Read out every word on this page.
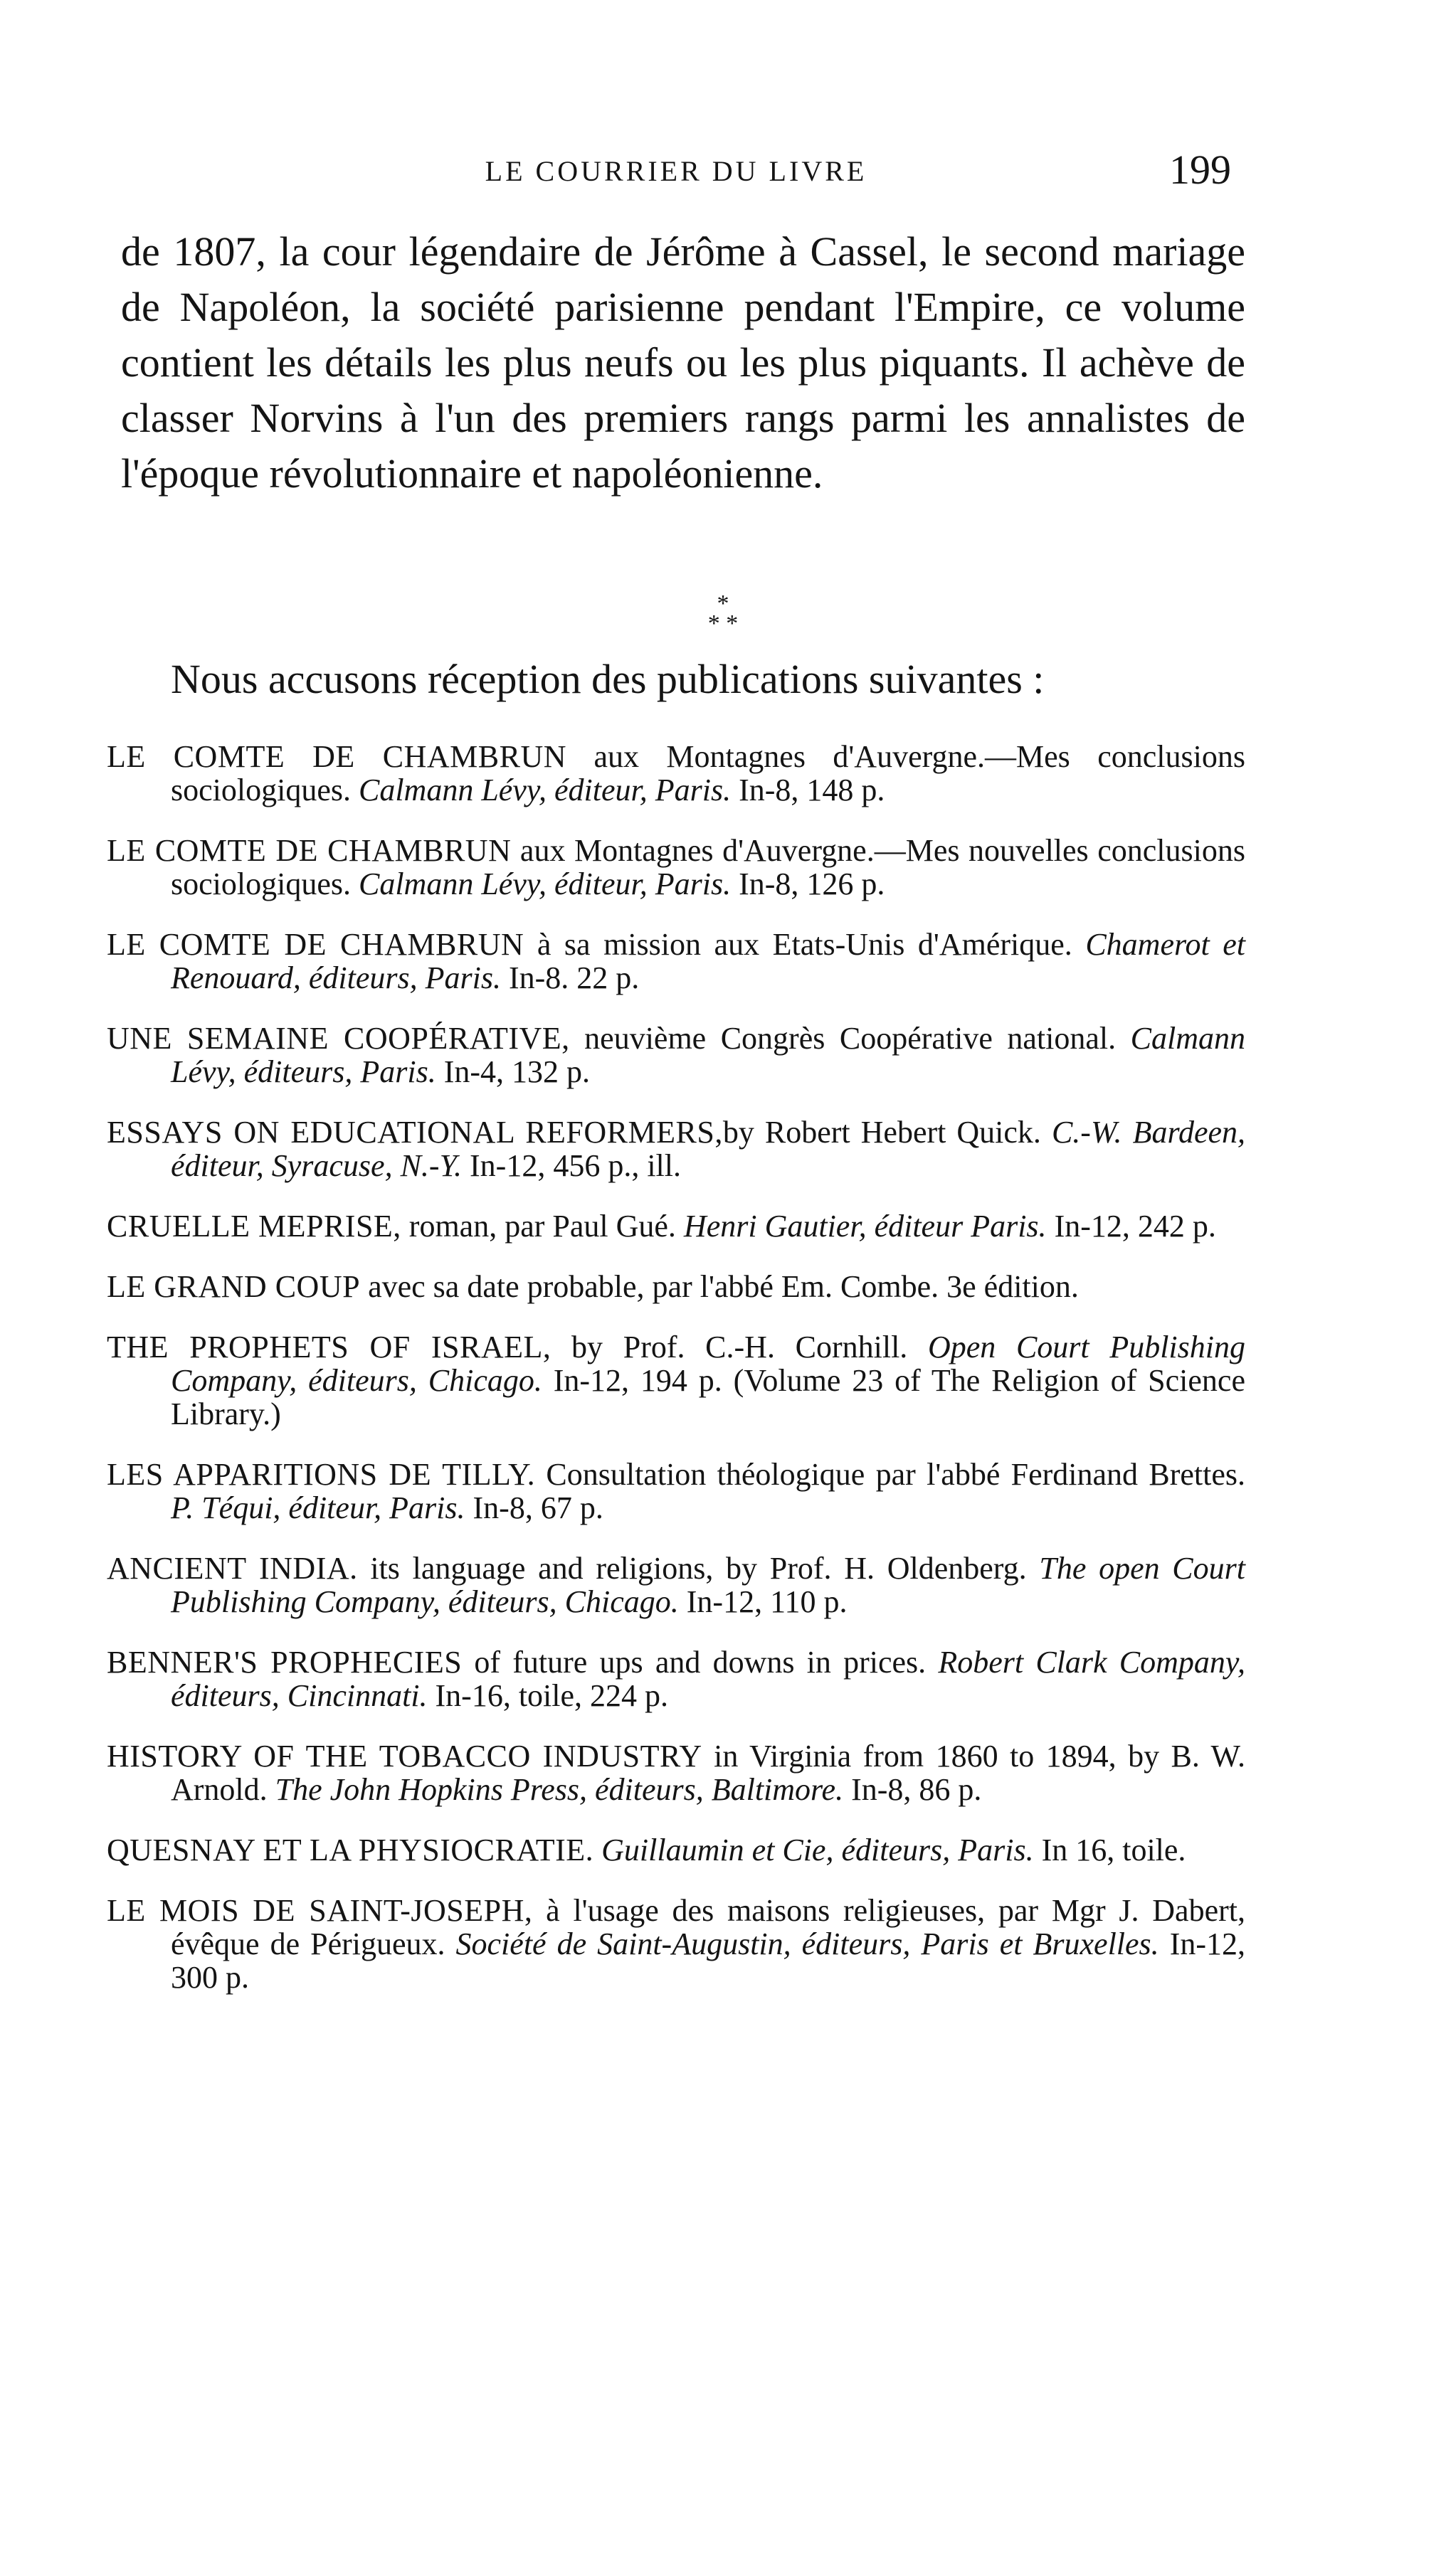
LE COURRIER DU LIVRE	199

de 1807, la cour légendaire de Jérôme à Cassel, le second mariage de Napoléon, la société parisienne pendant l'Empire, ce volume contient les détails les plus neufs ou les plus piquants. Il achève de classer Norvins à l'un des premiers rangs parmi les annalistes de l'époque révolutionnaire et napoléonienne.

*
* *

Nous accusons réception des publications suivantes :

LE COMTE DE CHAMBRUN aux Montagnes d'Auvergne.—Mes conclusions sociologiques. Calmann Lévy, éditeur, Paris. In-8, 148 p.
LE COMTE DE CHAMBRUN aux Montagnes d'Auvergne.—Mes nouvelles conclusions sociologiques. Calmann Lévy, éditeur, Paris. In-8, 126 p.
LE COMTE DE CHAMBRUN à sa mission aux Etats-Unis d'Amérique. Chamerot et Renouard, éditeurs, Paris. In-8. 22 p.
UNE SEMAINE COOPÉRATIVE, neuvième Congrès Coopérative national. Calmann Lévy, éditeurs, Paris. In-4, 132 p.
ESSAYS ON EDUCATIONAL REFORMERS,by Robert Hebert Quick. C.-W. Bardeen, éditeur, Syracuse, N.-Y. In-12, 456 p., ill.
CRUELLE MEPRISE, roman, par Paul Gué. Henri Gautier, éditeur Paris. In-12, 242 p.
LE GRAND COUP avec sa date probable, par l'abbé Em. Combe. 3e édition.
THE PROPHETS OF ISRAEL, by Prof. C.-H. Cornhill. Open Court Publishing Company, éditeurs, Chicago. In-12, 194 p. (Volume 23 of The Religion of Science Library.)
LES APPARITIONS DE TILLY. Consultation théologique par l'abbé Ferdinand Brettes. P. Téqui, éditeur, Paris. In-8, 67 p.
ANCIENT INDIA. its language and religions, by Prof. H. Oldenberg. The open Court Publishing Company, éditeurs, Chicago. In-12, 110 p.
BENNER'S PROPHECIES of future ups and downs in prices. Robert Clark Company, éditeurs, Cincinnati. In-16, toile, 224 p.
HISTORY OF THE TOBACCO INDUSTRY in Virginia from 1860 to 1894, by B. W. Arnold. The John Hopkins Press, éditeurs, Baltimore. In-8, 86 p.
QUESNAY ET LA PHYSIOCRATIE. Guillaumin et Cie, éditeurs, Paris. In 16, toile.
LE MOIS DE SAINT-JOSEPH, à l'usage des maisons religieuses, par Mgr J. Dabert, évêque de Périgueux. Société de Saint-Augustin, éditeurs, Paris et Bruxelles. In-12, 300 p.
